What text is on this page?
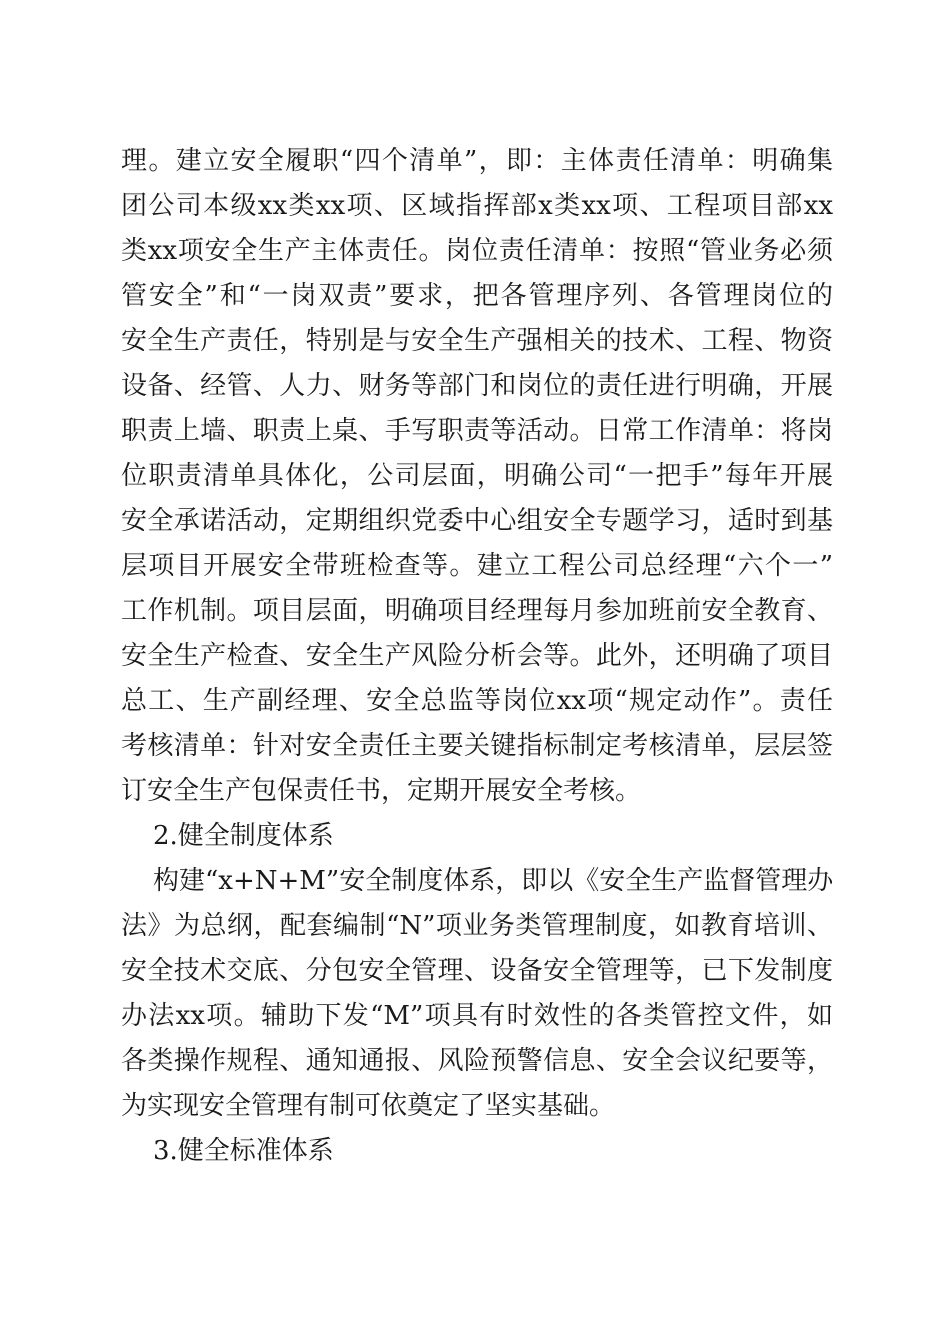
理。建立安全履职“四个清单”，即：主体责任清单：明确集
团公司本级xx类xx项、区域指挥部x类xx项、工程项目部xx
类xx项安全生产主体责任。岗位责任清单：按照“管业务必须
管安全”和“一岗双责”要求，把各管理序列、各管理岗位的
安全生产责任，特别是与安全生产强相关的技术、工程、物资
设备、经管、人力、财务等部门和岗位的责任进行明确，开展
职责上墙、职责上桌、手写职责等活动。日常工作清单：将岗
位职责清单具体化，公司层面，明确公司“一把手”每年开展
安全承诺活动，定期组织党委中心组安全专题学习，适时到基
层项目开展安全带班检查等。建立工程公司总经理“六个一”
工作机制。项目层面，明确项目经理每月参加班前安全教育、
安全生产检查、安全生产风险分析会等。此外，还明确了项目
总工、生产副经理、安全总监等岗位xx项“规定动作”。责任
考核清单：针对安全责任主要关键指标制定考核清单，层层签
订安全生产包保责任书，定期开展安全考核。
2.健全制度体系
构建“x+N+M”安全制度体系，即以《安全生产监督管理办
法》为总纲，配套编制“N”项业务类管理制度，如教育培训、
安全技术交底、分包安全管理、设备安全管理等，已下发制度
办法xx项。辅助下发“M”项具有时效性的各类管控文件，如
各类操作规程、通知通报、风险预警信息、安全会议纪要等，
为实现安全管理有制可依奠定了坚实基础。
3.健全标准体系
